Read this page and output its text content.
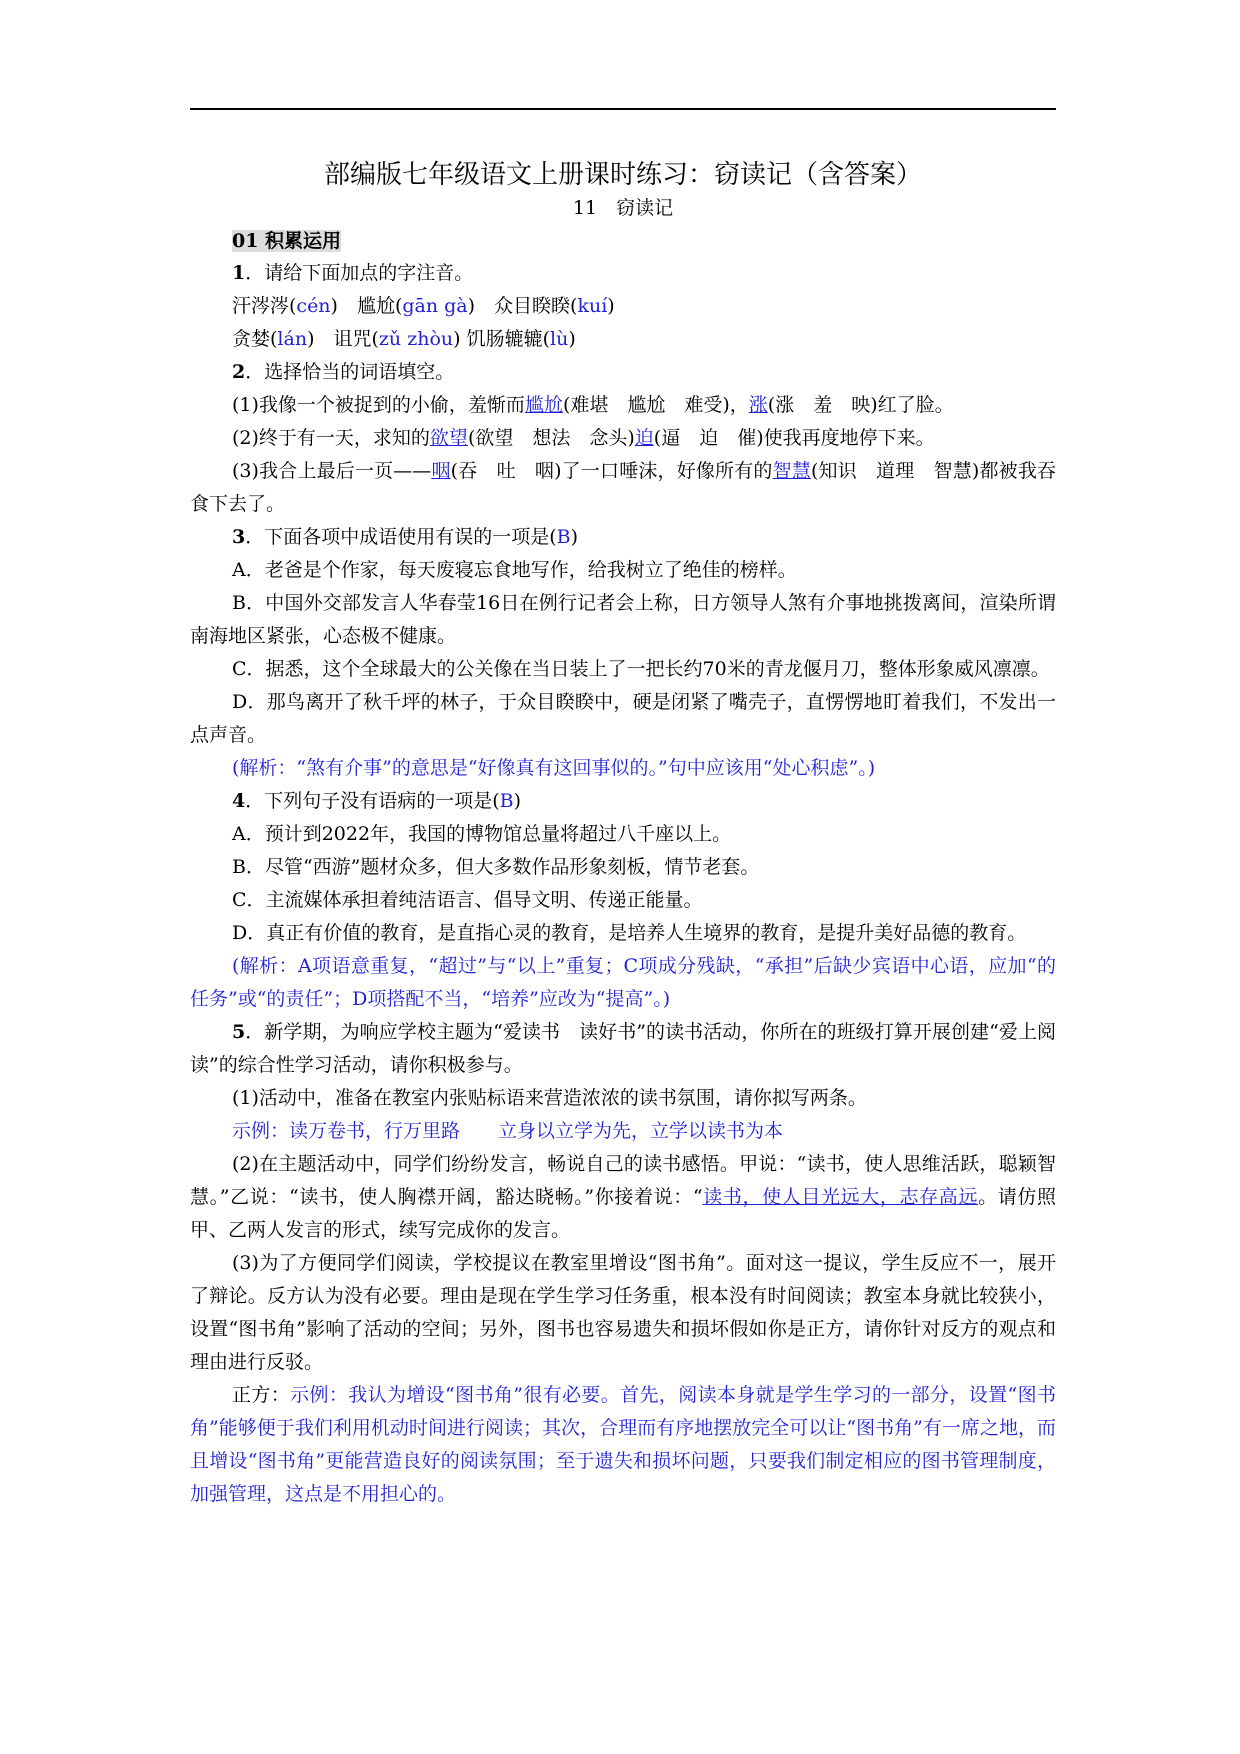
部编版七年级语文上册课时练习：窃读记（含答案）
11　窃读记
01 积累运用

1．请给下面加点的字注音。

汗涔涔(cén)　尴尬(gān gà)　众目睽睽(kuí)

贪婪(lán)　诅咒(zǔ zhòu) 饥肠辘辘(lù)

2．选择恰当的词语填空。

(1)我像一个被捉到的小偷，羞惭而尴尬(难堪　尴尬　难受)，涨(涨　羞　映)红了脸。

(2)终于有一天，求知的欲望(欲望　想法　念头)迫(逼　迫　催)使我再度地停下来。

(3)我合上最后一页——咽(吞　吐　咽)了一口唾沫，好像所有的智慧(知识　道理　智慧)都被我吞食下去了。

3．下面各项中成语使用有误的一项是(B)

A．老爸是个作家，每天废寝忘食地写作，给我树立了绝佳的榜样。

B．中国外交部发言人华春莹16日在例行记者会上称，日方领导人煞有介事地挑拨离间，渲染所谓南海地区紧张，心态极不健康。

C．据悉，这个全球最大的公关像在当日装上了一把长约70米的青龙偃月刀，整体形象威风凛凛。

D．那鸟离开了秋千坪的林子，于众目睽睽中，硬是闭紧了嘴壳子，直愣愣地盯着我们，不发出一点声音。

(解析：“煞有介事”的意思是“好像真有这回事似的。”句中应该用“处心积虑”。)

4．下列句子没有语病的一项是(B)

A．预计到2022年，我国的博物馆总量将超过八千座以上。

B．尽管“西游”题材众多，但大多数作品形象刻板，情节老套。

C．主流媒体承担着纯洁语言、倡导文明、传递正能量。

D．真正有价值的教育，是直指心灵的教育，是培养人生境界的教育，是提升美好品德的教育。

(解析：A项语意重复，“超过”与“以上”重复；C项成分残缺，“承担”后缺少宾语中心语，应加“的任务”或“的责任”；D项搭配不当，“培养”应改为“提高”。)

5．新学期，为响应学校主题为“爱读书　读好书”的读书活动，你所在的班级打算开展创建“爱上阅读”的综合性学习活动，请你积极参与。

(1)活动中，准备在教室内张贴标语来营造浓浓的读书氛围，请你拟写两条。

示例：读万卷书，行万里路　　立身以立学为先，立学以读书为本

(2)在主题活动中，同学们纷纷发言，畅说自己的读书感悟。甲说：“读书，使人思维活跃，聪颖智慧。”乙说：“读书，使人胸襟开阔，豁达晓畅。”你接着说：“读书，使人目光远大，志存高远。请仿照甲、乙两人发言的形式，续写完成你的发言。

(3)为了方便同学们阅读，学校提议在教室里增设“图书角”。面对这一提议，学生反应不一，展开了辩论。反方认为没有必要。理由是现在学生学习任务重，根本没有时间阅读；教室本身就比较狭小，设置“图书角”影响了活动的空间；另外，图书也容易遗失和损坏假如你是正方，请你针对反方的观点和理由进行反驳。

正方：示例：我认为增设“图书角”很有必要。首先，阅读本身就是学生学习的一部分，设置“图书角”能够便于我们利用机动时间进行阅读；其次，合理而有序地摆放完全可以让“图书角”有一席之地，而且增设“图书角”更能营造良好的阅读氛围；至于遗失和损坏问题，只要我们制定相应的图书管理制度，加强管理，这点是不用担心的。
